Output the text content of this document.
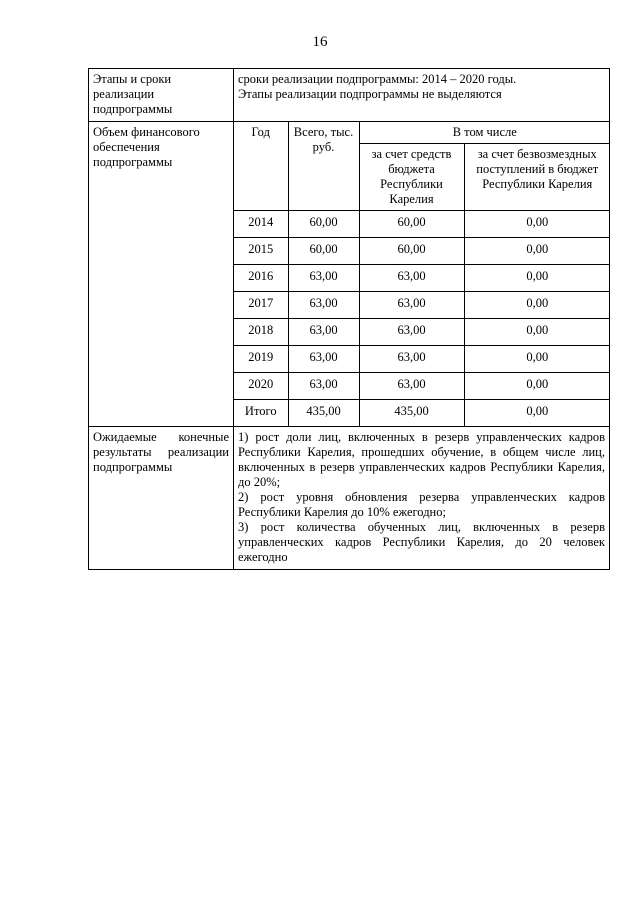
16
Этапы и сроки реализации подпрограммы	

сроки реализации подпрограммы: 2014 – 2020 годы.

Этапы реализации подпрограммы не выделяются

Объем финансового обеспечения подпрограммы	
Год	Всего, тыс. руб.	В том числе
за счет средств бюджета Республики Карелия	за счет безвозмездных поступлений в бюджет Республики Карелия
2014	60,00	60,00	0,00
2015	60,00	60,00	0,00
2016	63,00	63,00	0,00
2017	63,00	63,00	0,00
2018	63,00	63,00	0,00
2019	63,00	63,00	0,00
2020	63,00	63,00	0,00
Итого	435,00	435,00	0,00

Ожидаемые конечные результаты реализации подпрограммы	

1) рост доли лиц, включенных в резерв управленческих кадров Республики Карелия, прошедших обучение, в общем числе лиц, включенных в резерв управленческих кадров Республики Карелия, до 20%;

2) рост уровня обновления резерва управленческих кадров Республики Карелия до 10% ежегодно;

3) рост количества обученных лиц, включенных в резерв управленческих кадров Республики Карелия, до 20 человек ежегодно
